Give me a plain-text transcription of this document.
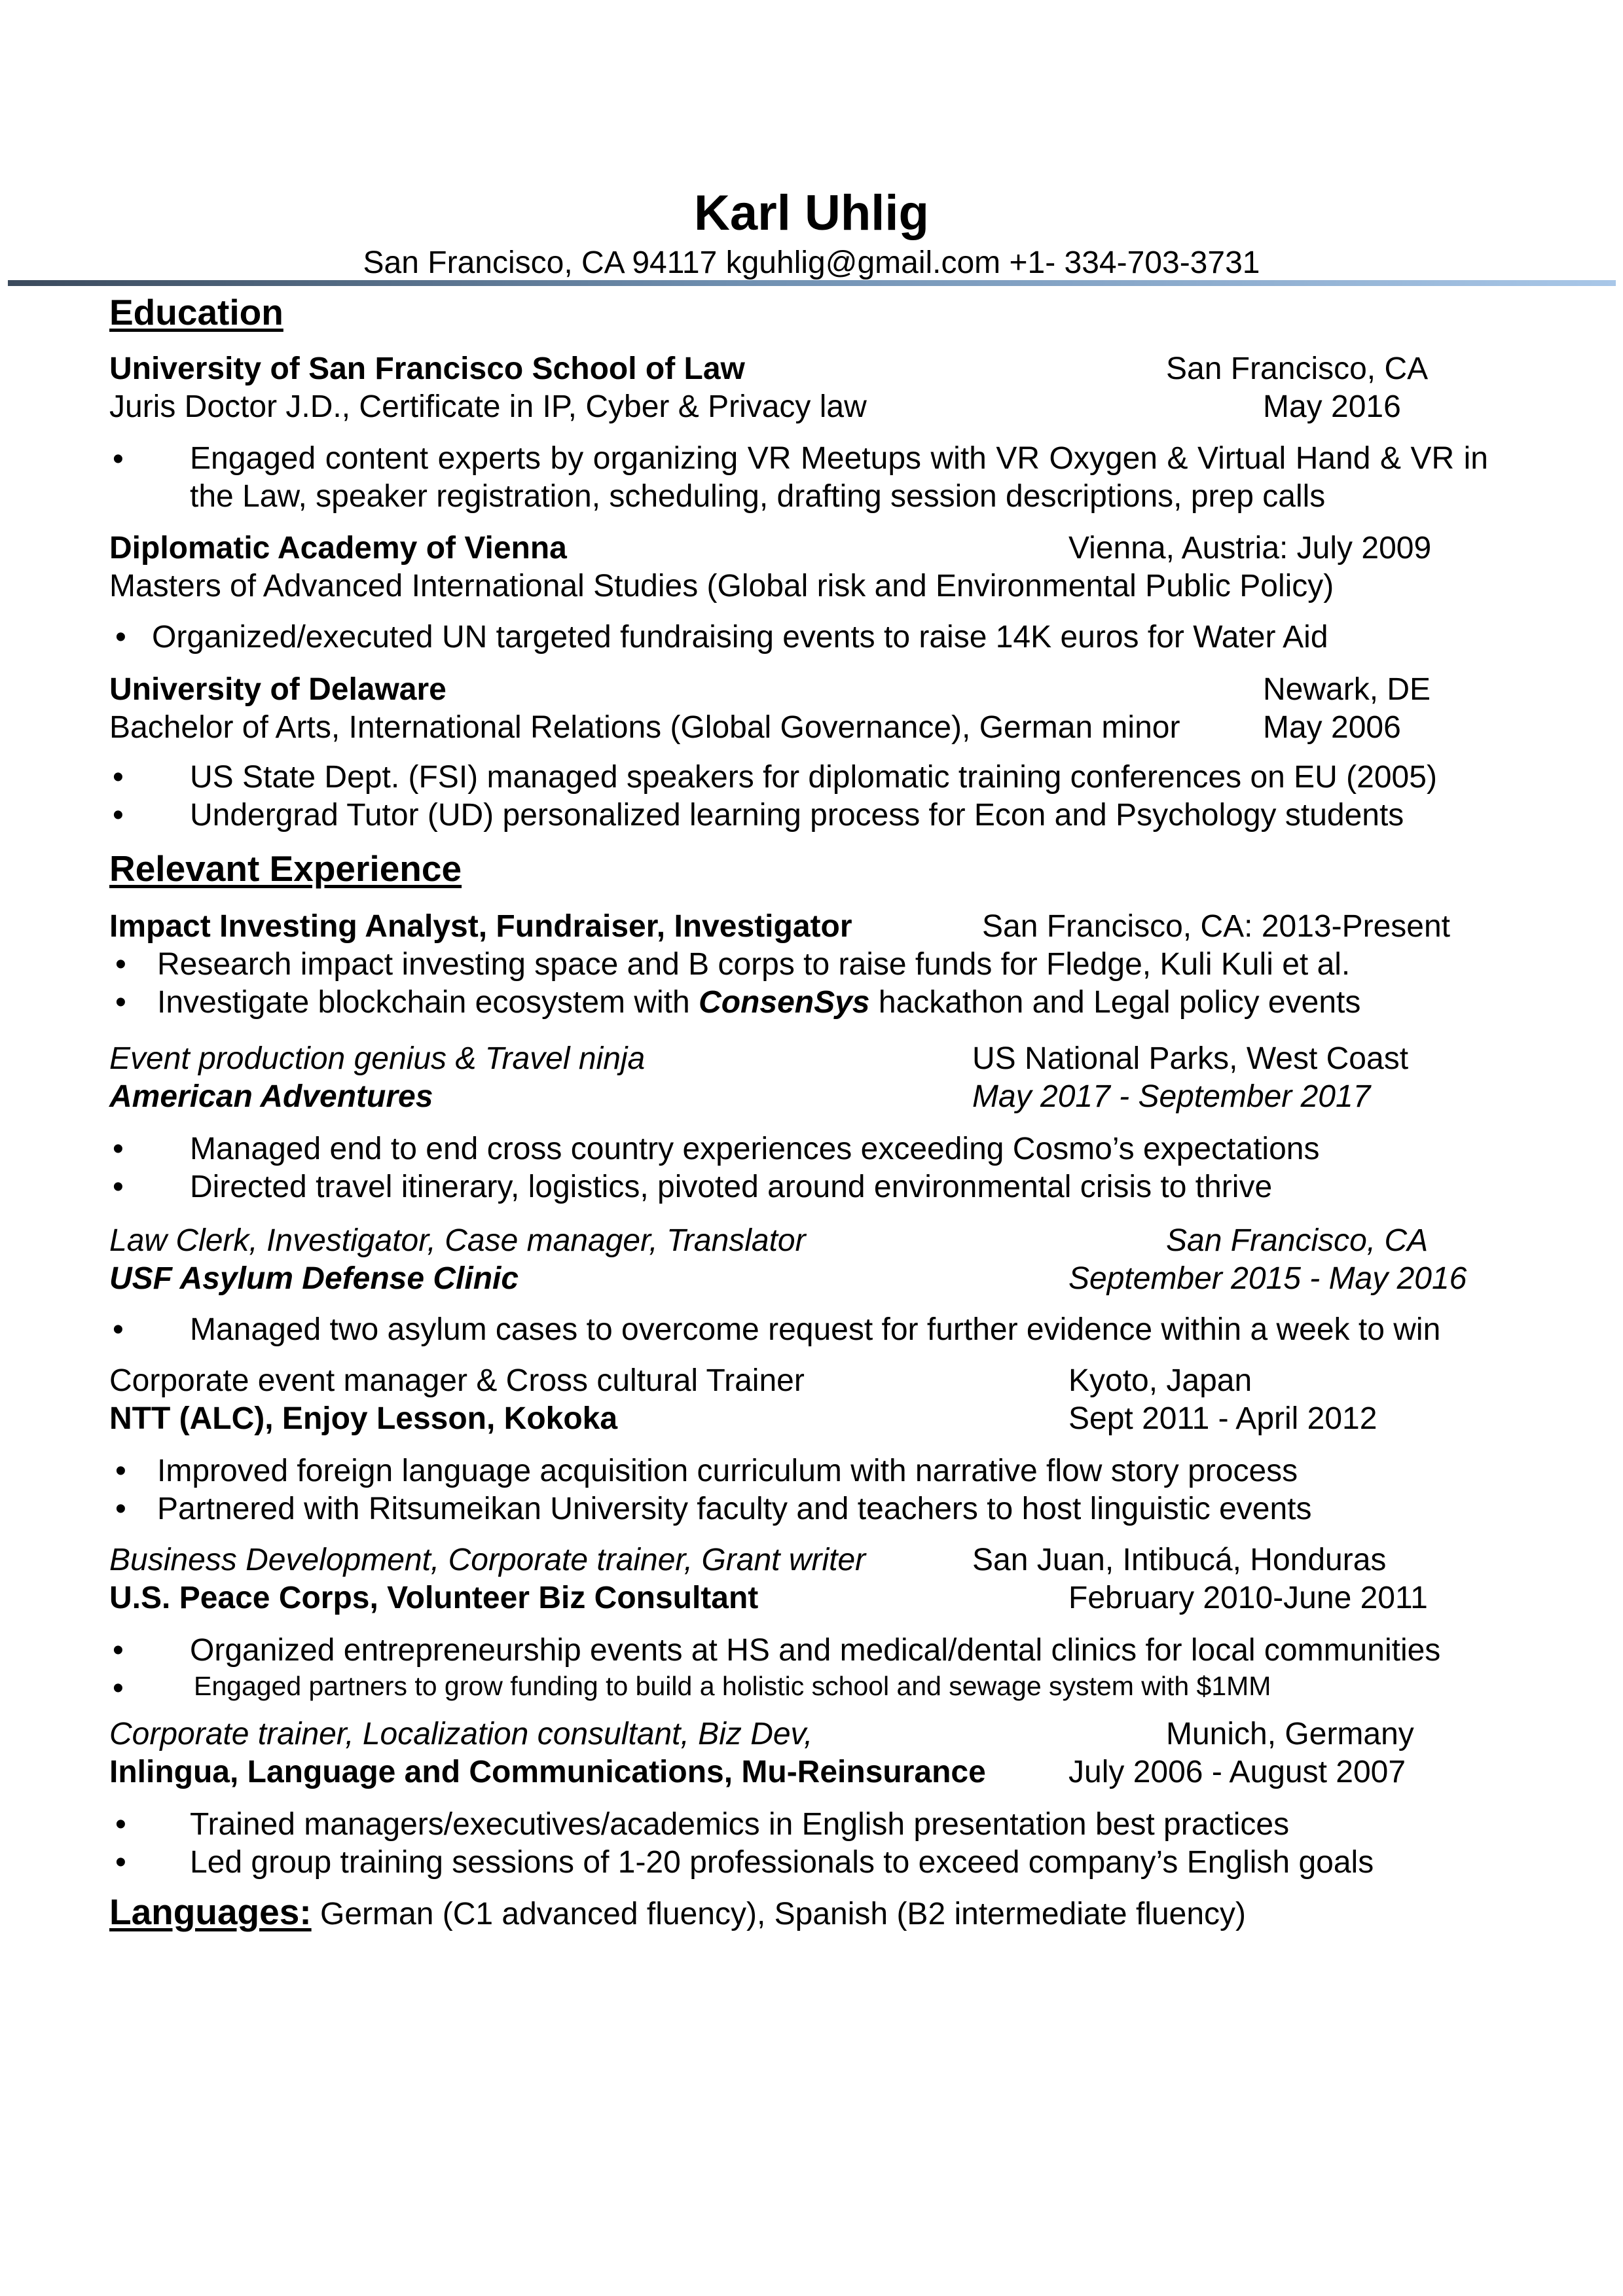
Karl Uhlig
San Francisco, CA 94117 kguhlig@gmail.com +1- 334-703-3731
Education
University of San Francisco School of Law	San Francisco, CA
Juris Doctor J.D., Certificate in IP, Cyber & Privacy law	May 2016
• Engaged content experts by organizing VR Meetups with VR Oxygen & Virtual Hand & VR in the Law, speaker registration, scheduling, drafting session descriptions, prep calls
Diplomatic Academy of Vienna	Vienna, Austria: July 2009
Masters of Advanced International Studies (Global risk and Environmental Public Policy)
• Organized/executed UN targeted fundraising events to raise 14K euros for Water Aid
University of Delaware	Newark, DE
Bachelor of Arts, International Relations (Global Governance), German minor	May 2006
• US State Dept. (FSI) managed speakers for diplomatic training conferences on EU (2005)
• Undergrad Tutor (UD) personalized learning process for Econ and Psychology students
Relevant Experience
Impact Investing Analyst, Fundraiser, Investigator	San Francisco, CA: 2013-Present
• Research impact investing space and B corps to raise funds for Fledge, Kuli Kuli et al.
• Investigate blockchain ecosystem with ConsenSys hackathon and Legal policy events
Event production genius & Travel ninja	US National Parks, West Coast
American Adventures	May 2017 - September 2017
• Managed end to end cross country experiences exceeding Cosmo’s expectations
• Directed travel itinerary, logistics, pivoted around environmental crisis to thrive
Law Clerk, Investigator, Case manager, Translator	San Francisco, CA
USF Asylum Defense Clinic	September 2015 - May 2016
• Managed two asylum cases to overcome request for further evidence within a week to win
Corporate event manager & Cross cultural Trainer	Kyoto, Japan
NTT (ALC), Enjoy Lesson, Kokoka	Sept 2011 - April 2012
• Improved foreign language acquisition curriculum with narrative flow story process
• Partnered with Ritsumeikan University faculty and teachers to host linguistic events
Business Development, Corporate trainer, Grant writer	San Juan, Intibucá, Honduras
U.S. Peace Corps, Volunteer Biz Consultant	February 2010-June 2011
• Organized entrepreneurship events at HS and medical/dental clinics for local communities
•	Engaged partners to grow funding to build a holistic school and sewage system with $1MM
Corporate trainer, Localization consultant, Biz Dev,	Munich, Germany
Inlingua, Language and Communications, Mu-Reinsurance	July 2006 - August 2007
• Trained managers/executives/academics in English presentation best practices
• Led group training sessions of 1-20 professionals to exceed company’s English goals
Languages: German (C1 advanced fluency), Spanish (B2 intermediate fluency)
